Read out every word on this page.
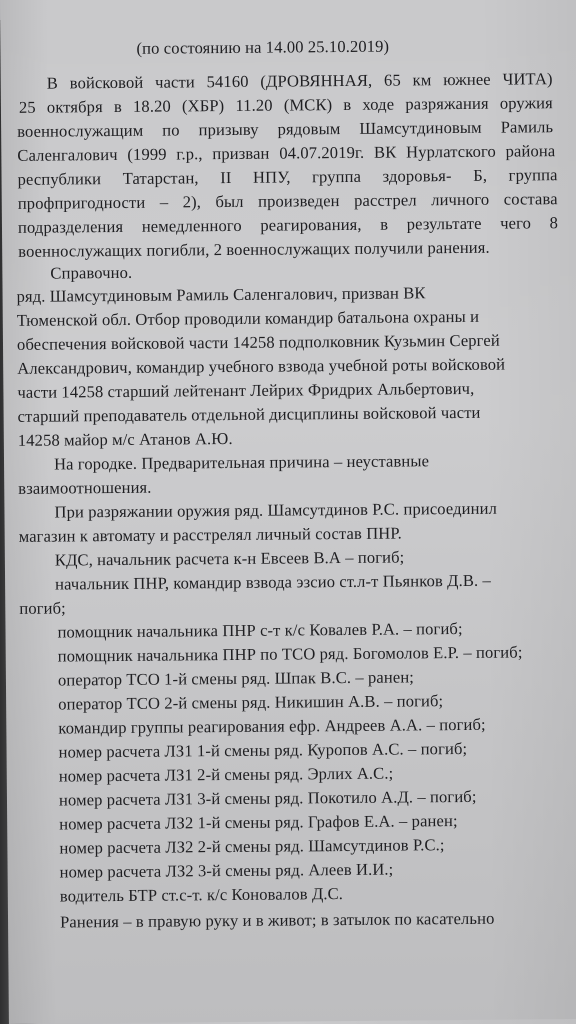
(по состоянию на 14.00 25.10.2019)
В войсковой части 54160 (ДРОВЯННАЯ, 65 км южнее ЧИТА)
25 октября в 18.20 (ХБР) 11.20 (МСК) в ходе разряжания оружия
военнослужащим по призыву рядовым Шамсутдиновым Рамиль
Саленгалович (1999 г.р., призван 04.07.2019г. ВК Нурлатского района
республики Татарстан, II НПУ, группа здоровья- Б, группа
профпригодности – 2), был произведен расстрел личного состава
подразделения немедленного реагирования, в результате чего 8
военнослужащих погибли, 2 военнослужащих получили ранения.
Справочно.
ряд. Шамсутдиновым Рамиль Саленгалович, призван ВК
Тюменской обл. Отбор проводили командир батальона охраны и
обеспечения войсковой части 14258 подполковник Кузьмин Сергей
Александрович, командир учебного взвода учебной роты войсковой
части 14258 старший лейтенант Лейрих Фридрих Альбертович,
старший преподаватель отдельной дисциплины войсковой части
14258 майор м/с Атанов А.Ю.
На городке. Предварительная причина – неуставные
взаимоотношения.
При разряжании оружия ряд. Шамсутдинов Р.С. присоединил
магазин к автомату и расстрелял личный состав ПНР.
КДС, начальник расчета к-н Евсеев В.А – погиб;
начальник ПНР, командир взвода эзсио ст.л-т Пьянков Д.В. –
погиб;
помощник начальника ПНР с-т к/с Ковалев Р.А. – погиб;
помощник начальника ПНР по ТСО ряд. Богомолов Е.Р. – погиб;
оператор ТСО 1-й смены ряд. Шпак В.С. – ранен;
оператор ТСО 2-й смены ряд. Никишин А.В. – погиб;
командир группы реагирования ефр. Андреев А.А. – погиб;
номер расчета ЛЗ1 1-й смены ряд. Куропов А.С. – погиб;
номер расчета ЛЗ1 2-й смены ряд. Эрлих А.С.;
номер расчета ЛЗ1 3-й смены ряд. Покотило А.Д. – погиб;
номер расчета ЛЗ2 1-й смены ряд. Графов Е.А. – ранен;
номер расчета ЛЗ2 2-й смены ряд. Шамсутдинов Р.С.;
номер расчета ЛЗ2 3-й смены ряд. Алеев И.И.;
водитель БТР ст.с-т. к/с Коновалов Д.С.
Ранения – в правую руку и в живот; в затылок по касательно
